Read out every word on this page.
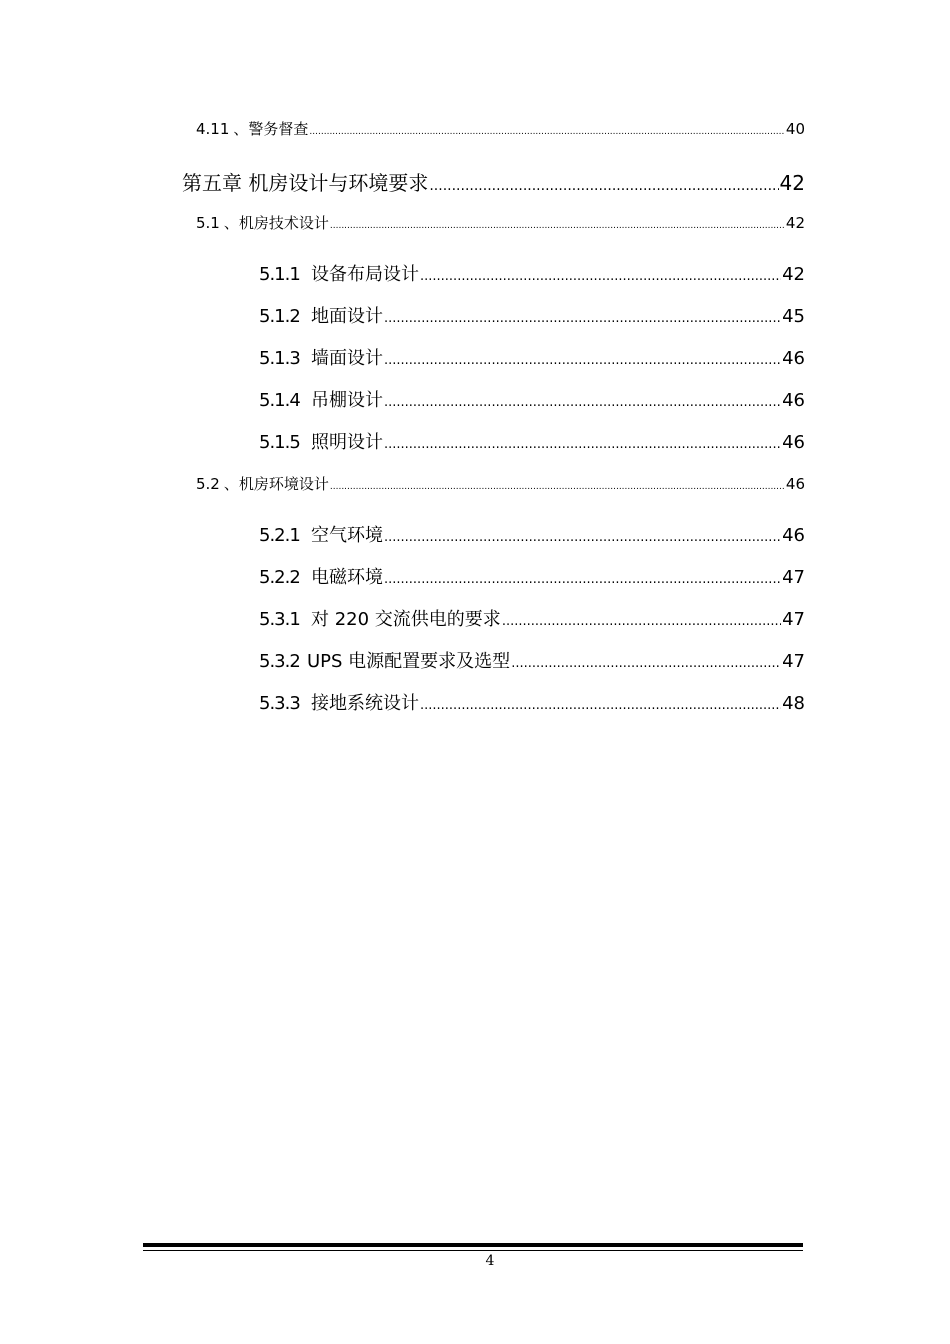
4.11 、警务督查 .....	40
第五章 机房设计与环境要求 .....	42
5.1 、机房技术设计 .....	42
5.1.1 设备布局设计 .....	42
5.1.2 地面设计 .....	45
5.1.3 墙面设计 .....	46
5.1.4 吊棚设计 .....	46
5.1.5 照明设计 .....	46
5.2 、机房环境设计 .....	46
5.2.1 空气环境 .....	46
5.2.2 电磁环境 .....	47
5.3.1 对 220 交流供电的要求 .....	47
5.3.2 UPS 电源配置要求及选型 .....	47
5.3.3 接地系统设计 .....	48
4
